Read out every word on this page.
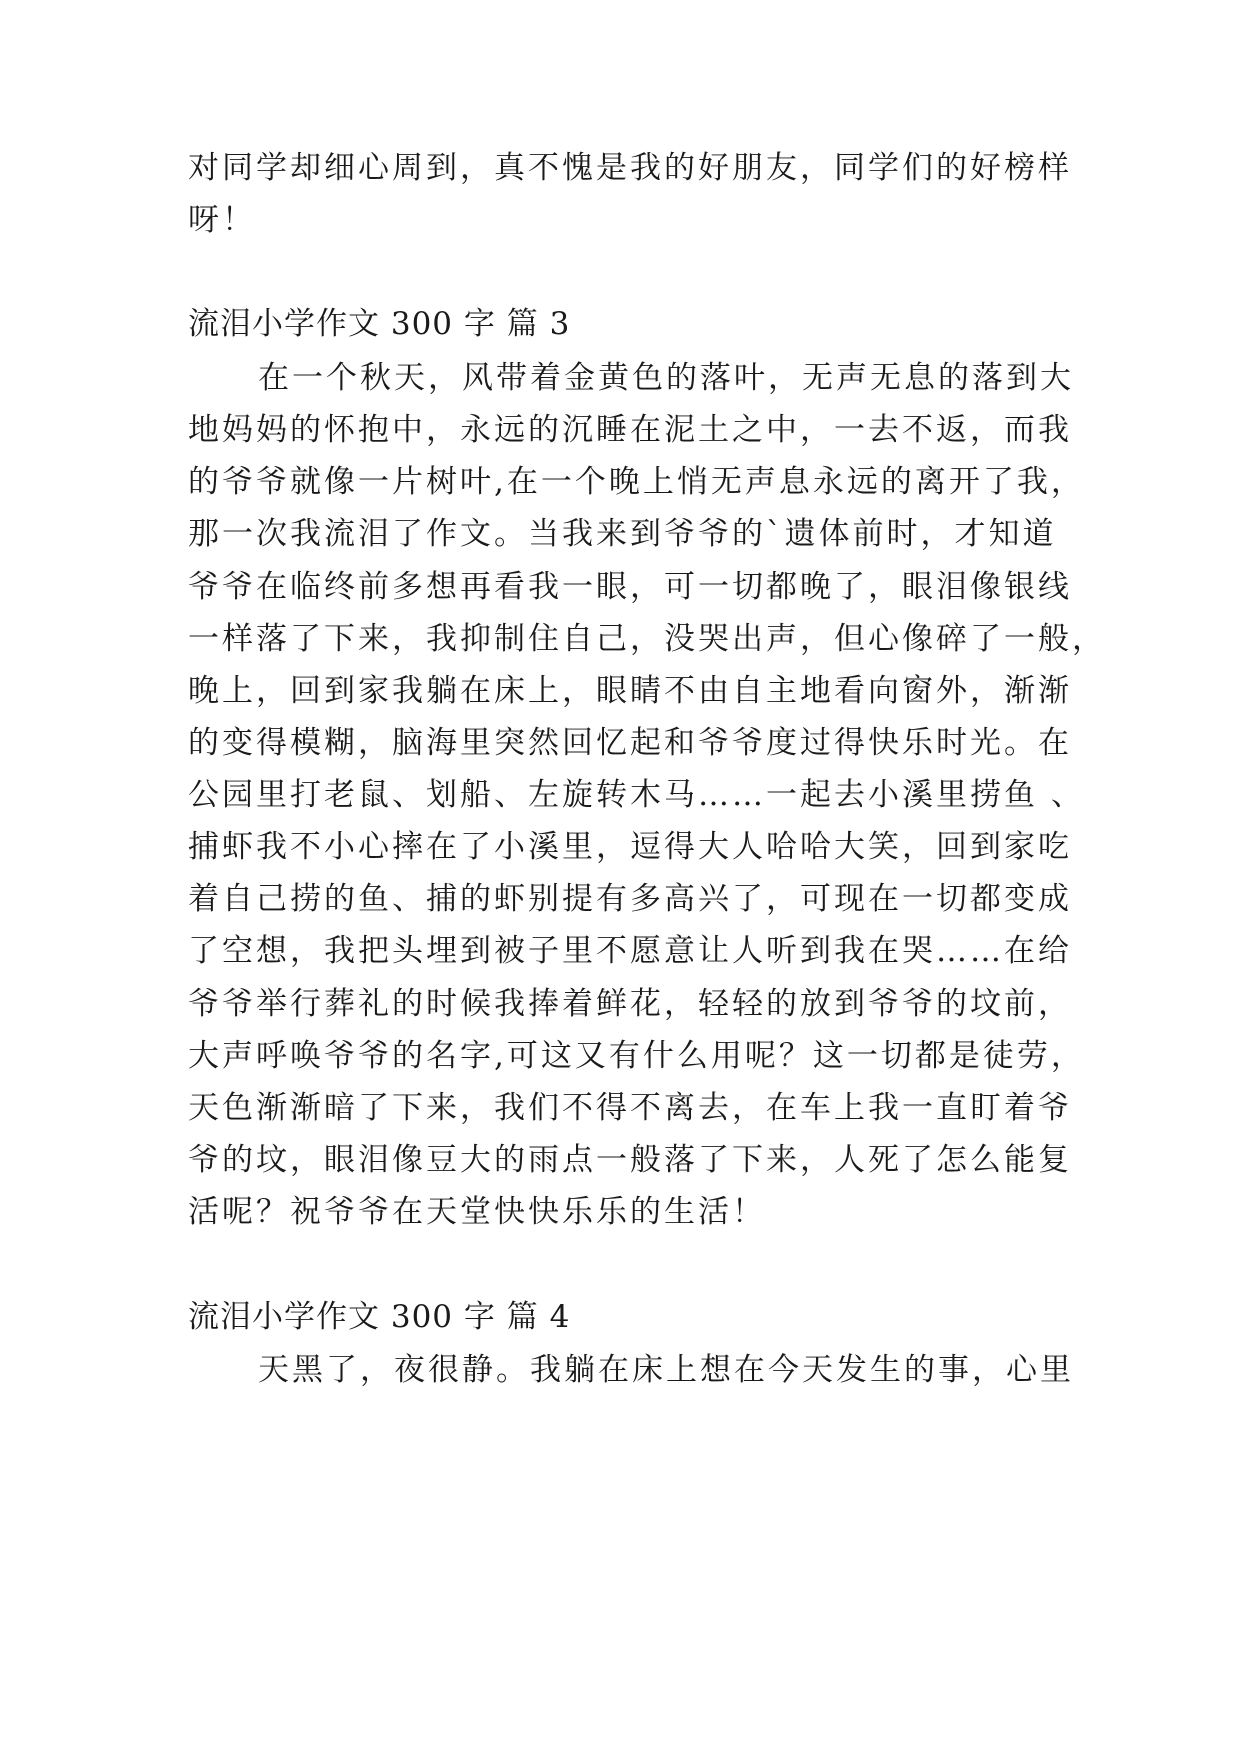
对同学却细心周到，真不愧是我的好朋友，同学们的好榜样
呀！
流泪小学作文 300 字 篇 3
在一个秋天，风带着金黄色的落叶，无声无息的落到大
地妈妈的怀抱中，永远的沉睡在泥土之中，一去不返，而我
的爷爷就像一片树叶,在一个晚上悄无声息永远的离开了我，
那一次我流泪了作文。当我来到爷爷的`遗体前时，才知道
爷爷在临终前多想再看我一眼，可一切都晚了，眼泪像银线
一样落了下来，我抑制住自己，没哭出声，但心像碎了一般，
晚上，回到家我躺在床上，眼睛不由自主地看向窗外，渐渐
的变得模糊，脑海里突然回忆起和爷爷度过得快乐时光。在
公园里打老鼠、划船、左旋转木马……一起去小溪里捞鱼 、
捕虾我不小心摔在了小溪里，逗得大人哈哈大笑，回到家吃
着自己捞的鱼、捕的虾别提有多高兴了，可现在一切都变成
了空想，我把头埋到被子里不愿意让人听到我在哭……在给
爷爷举行葬礼的时候我捧着鲜花，轻轻的放到爷爷的坟前，
大声呼唤爷爷的名字,可这又有什么用呢？这一切都是徒劳，
天色渐渐暗了下来，我们不得不离去，在车上我一直盯着爷
爷的坟，眼泪像豆大的雨点一般落了下来，人死了怎么能复
活呢？祝爷爷在天堂快快乐乐的生活！
流泪小学作文 300 字 篇 4
天黑了，夜很静。我躺在床上想在今天发生的事，心里
